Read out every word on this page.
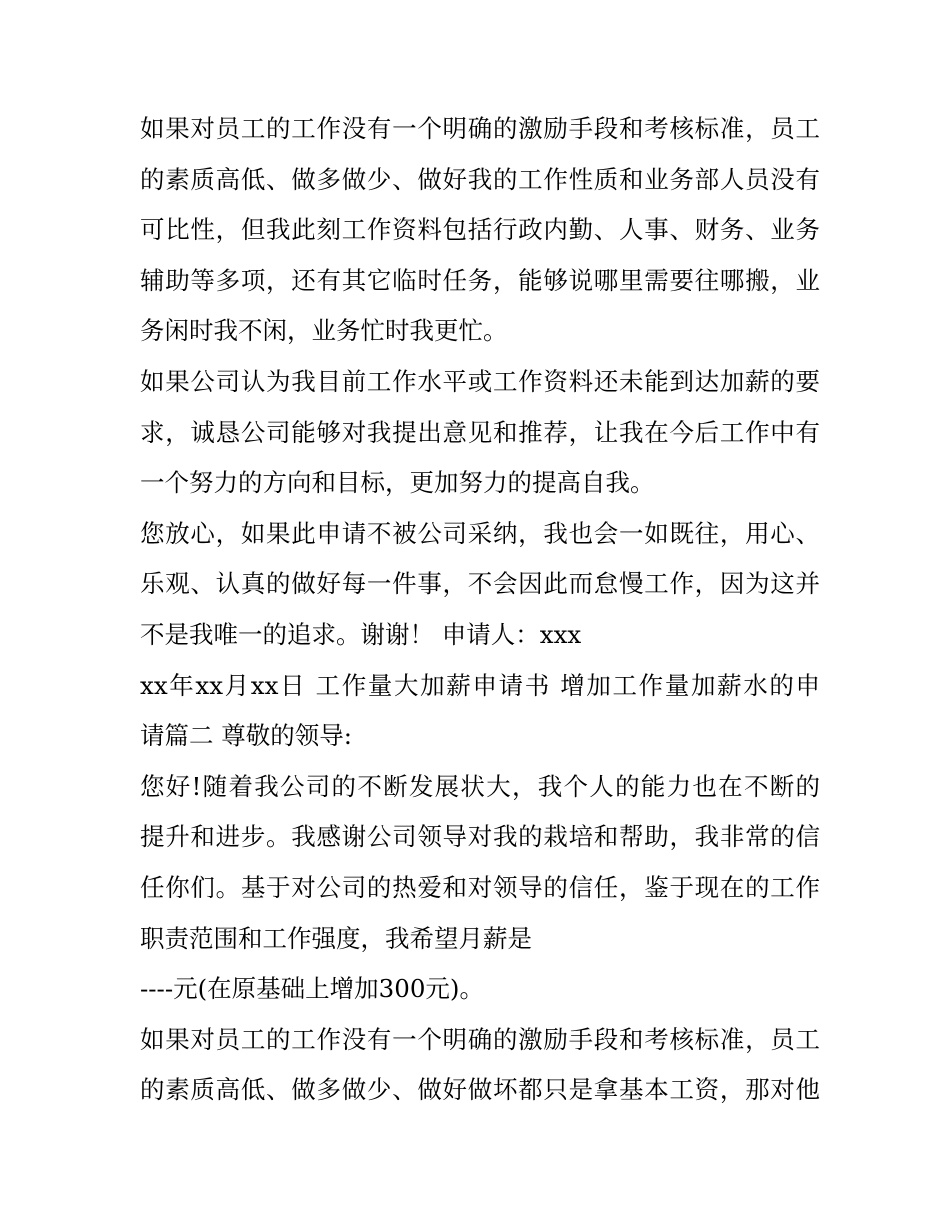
如果对员工的工作没有一个明确的激励手段和考核标准，员工
的素质高低、做多做少、做好我的工作性质和业务部人员没有
可比性，但我此刻工作资料包括行政内勤、人事、财务、业务
辅助等多项，还有其它临时任务，能够说哪里需要往哪搬，业
务闲时我不闲，业务忙时我更忙。
如果公司认为我目前工作水平或工作资料还未能到达加薪的要
求，诚恳公司能够对我提出意见和推荐，让我在今后工作中有
一个努力的方向和目标，更加努力的提高自我。
您放心，如果此申请不被公司采纳，我也会一如既往，用心、
乐观、认真的做好每一件事，不会因此而怠慢工作，因为这并
不是我唯一的追求。谢谢！ 申请人：xxx
xx年xx月xx日 工作量大加薪申请书 增加工作量加薪水的申
请篇二 尊敬的领导:
您好!随着我公司的不断发展状大，我个人的能力也在不断的
提升和进步。我感谢公司领导对我的栽培和帮助，我非常的信
任你们。基于对公司的热爱和对领导的信任，鉴于现在的工作
职责范围和工作强度，我希望月薪是
----元(在原基础上增加300元)。
如果对员工的工作没有一个明确的激励手段和考核标准，员工
的素质高低、做多做少、做好做坏都只是拿基本工资，那对他
